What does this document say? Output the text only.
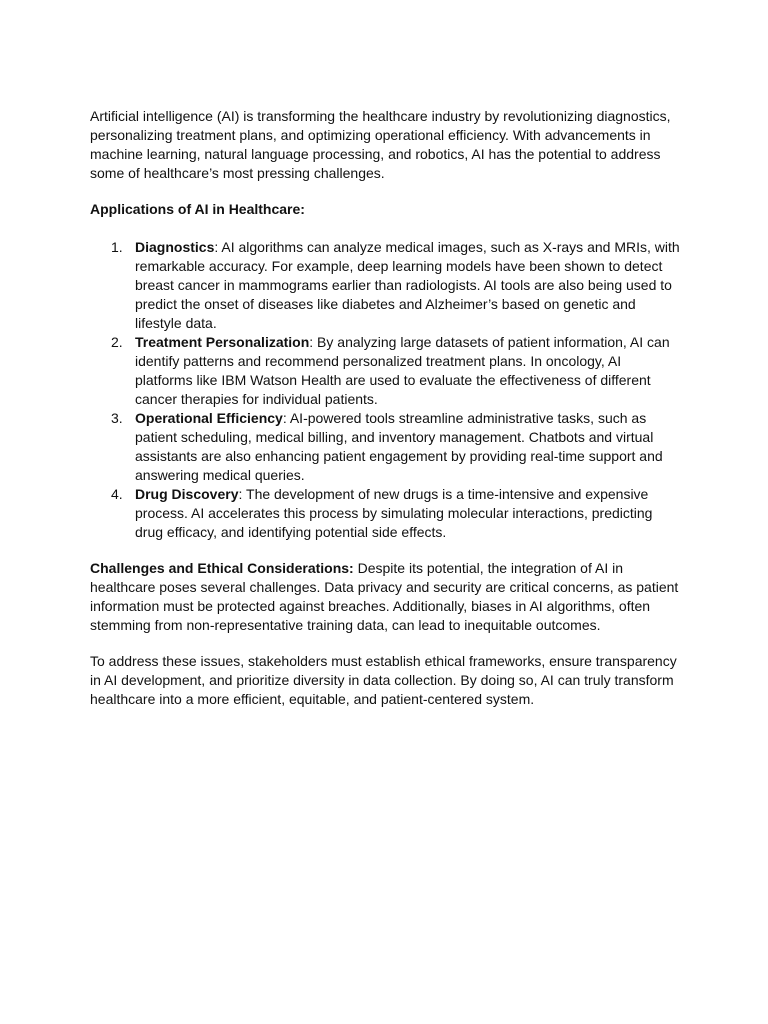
Artificial intelligence (AI) is transforming the healthcare industry by revolutionizing diagnostics, personalizing treatment plans, and optimizing operational efficiency. With advancements in machine learning, natural language processing, and robotics, AI has the potential to address some of healthcare’s most pressing challenges.

Applications of AI in Healthcare:

1. Diagnostics: AI algorithms can analyze medical images, such as X-rays and MRIs, with remarkable accuracy. For example, deep learning models have been shown to detect breast cancer in mammograms earlier than radiologists. AI tools are also being used to predict the onset of diseases like diabetes and Alzheimer’s based on genetic and lifestyle data.
2. Treatment Personalization: By analyzing large datasets of patient information, AI can identify patterns and recommend personalized treatment plans. In oncology, AI platforms like IBM Watson Health are used to evaluate the effectiveness of different cancer therapies for individual patients.
3. Operational Efficiency: AI-powered tools streamline administrative tasks, such as patient scheduling, medical billing, and inventory management. Chatbots and virtual assistants are also enhancing patient engagement by providing real-time support and answering medical queries.
4. Drug Discovery: The development of new drugs is a time-intensive and expensive process. AI accelerates this process by simulating molecular interactions, predicting drug efficacy, and identifying potential side effects.

Challenges and Ethical Considerations: Despite its potential, the integration of AI in healthcare poses several challenges. Data privacy and security are critical concerns, as patient information must be protected against breaches. Additionally, biases in AI algorithms, often stemming from non-representative training data, can lead to inequitable outcomes.

To address these issues, stakeholders must establish ethical frameworks, ensure transparency in AI development, and prioritize diversity in data collection. By doing so, AI can truly transform healthcare into a more efficient, equitable, and patient-centered system.
